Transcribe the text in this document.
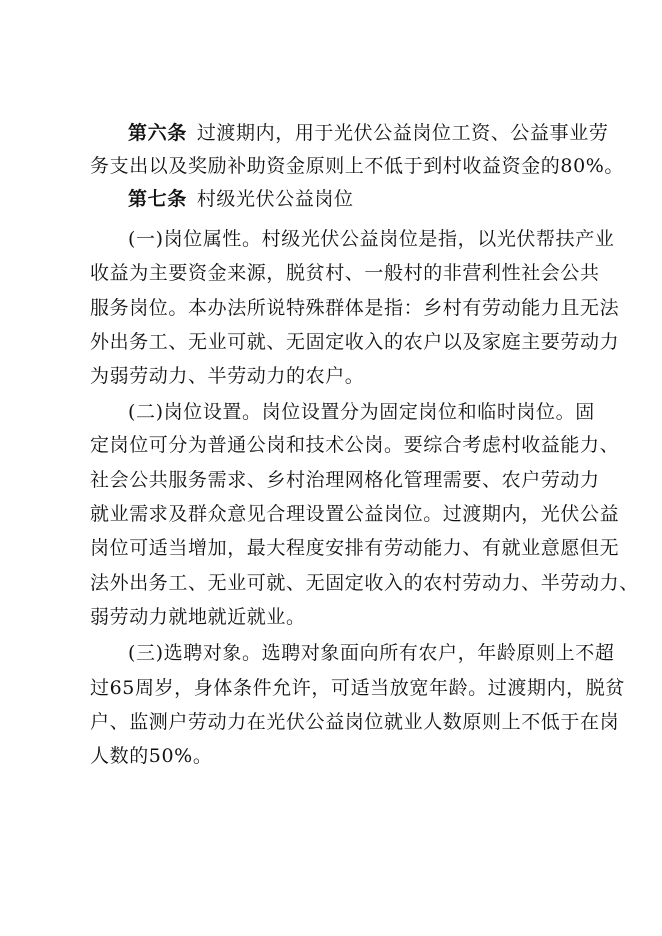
第六条 过渡期内，用于光伏公益岗位工资、公益事业劳
务支出以及奖励补助资金原则上不低于到村收益资金的80%。
第七条 村级光伏公益岗位
(一)岗位属性。村级光伏公益岗位是指，以光伏帮扶产业
收益为主要资金来源，脱贫村、一般村的非营利性社会公共
服务岗位。本办法所说特殊群体是指：乡村有劳动能力且无法
外出务工、无业可就、无固定收入的农户以及家庭主要劳动力
为弱劳动力、半劳动力的农户。
(二)岗位设置。岗位设置分为固定岗位和临时岗位。固
定岗位可分为普通公岗和技术公岗。要综合考虑村收益能力、
社会公共服务需求、乡村治理网格化管理需要、农户劳动力
就业需求及群众意见合理设置公益岗位。过渡期内，光伏公益
岗位可适当增加，最大程度安排有劳动能力、有就业意愿但无
法外出务工、无业可就、无固定收入的农村劳动力、半劳动力、
弱劳动力就地就近就业。
(三)选聘对象。选聘对象面向所有农户，年龄原则上不超
过65周岁，身体条件允许，可适当放宽年龄。过渡期内，脱贫
户、监测户劳动力在光伏公益岗位就业人数原则上不低于在岗
人数的50%。
